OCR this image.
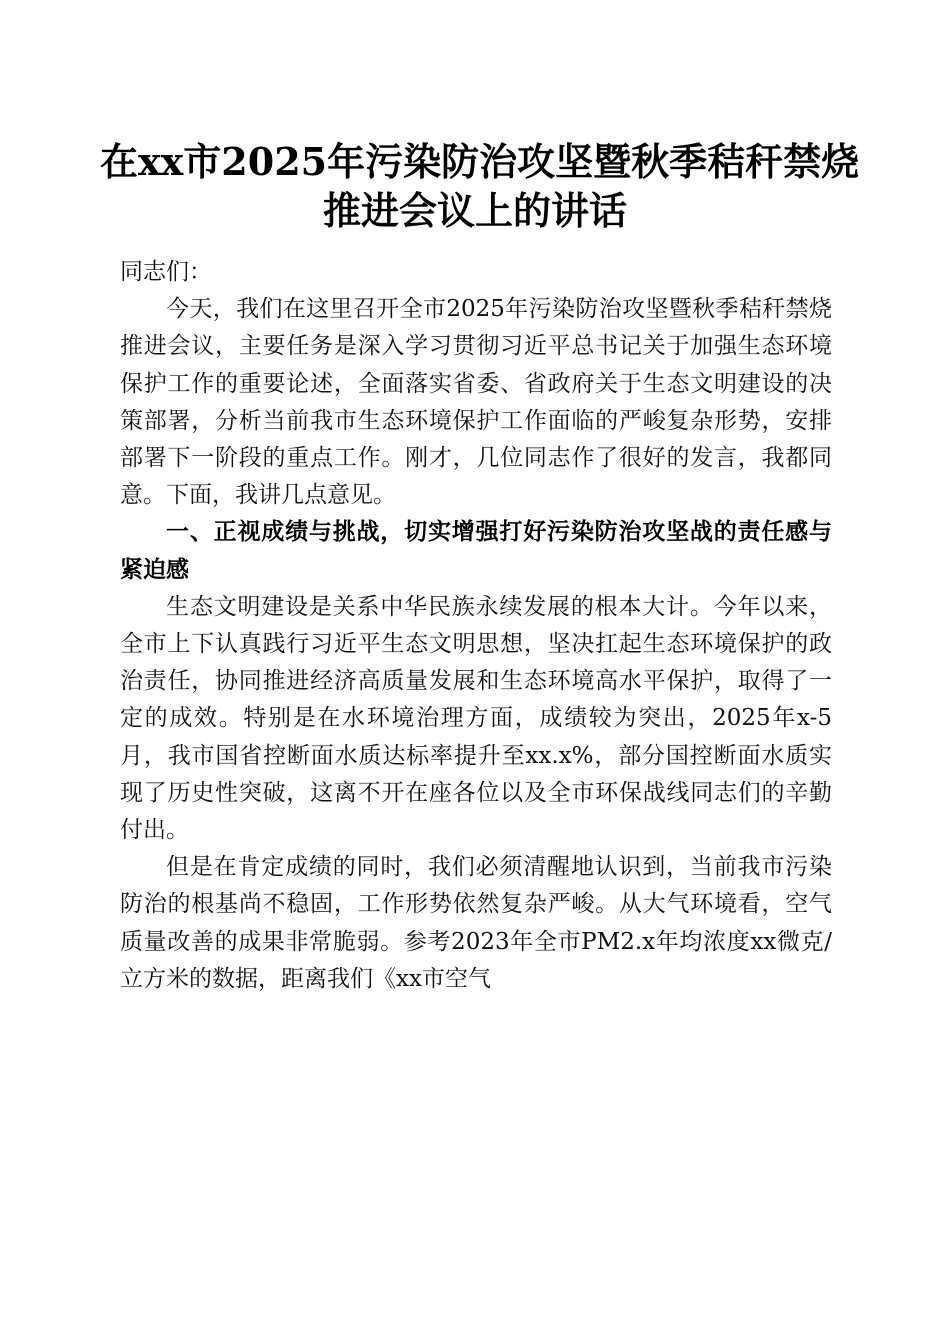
在xx市2025年污染防治攻坚暨秋季秸秆禁烧
推进会议上的讲话

同志们：

今天，我们在这里召开全市2025年污染防治攻坚暨秋季秸秆禁烧推进会议，主要任务是深入学习贯彻习近平总书记关于加强生态环境保护工作的重要论述，全面落实省委、省政府关于生态文明建设的决策部署，分析当前我市生态环境保护工作面临的严峻复杂形势，安排部署下一阶段的重点工作。刚才，几位同志作了很好的发言，我都同意。下面，我讲几点意见。

一、正视成绩与挑战，切实增强打好污染防治攻坚战的责任感与紧迫感

生态文明建设是关系中华民族永续发展的根本大计。今年以来，全市上下认真践行习近平生态文明思想，坚决扛起生态环境保护的政治责任，协同推进经济高质量发展和生态环境高水平保护，取得了一定的成效。特别是在水环境治理方面，成绩较为突出，2025年x-5月，我市国省控断面水质达标率提升至xx.x%，部分国控断面水质实现了历史性突破，这离不开在座各位以及全市环保战线同志们的辛勤付出。

但是在肯定成绩的同时，我们必须清醒地认识到，当前我市污染防治的根基尚不稳固，工作形势依然复杂严峻。从大气环境看，空气质量改善的成果非常脆弱。参考2023年全市PM2.x年均浓度xx微克/立方米的数据，距离我们《xx市空气
